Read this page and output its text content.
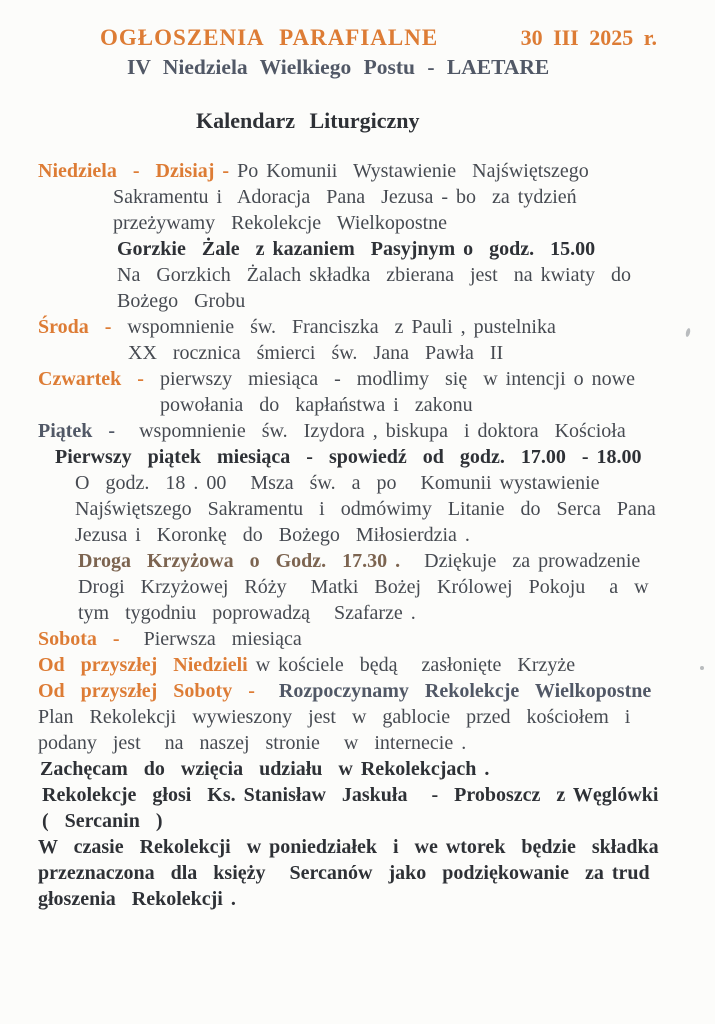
OGŁOSZENIA PARAFIALNE	30 III 2025 r.
IV Niedziela Wielkiego Postu - LAETARE
Kalendarz Liturgiczny
Niedziela  -  Dzisiaj - Po Komunii  Wystawienie  Najświętszego
Sakramentu i  Adoracja  Pana  Jezusa - bo  za tydzień
przeżywamy  Rekolekcje  Wielkopostne
Gorzkie  Żale  z kazaniem  Pasyjnym o  godz.  15.00
Na  Gorzkich  Żalach składka  zbierana  jest  na kwiaty  do
Bożego  Grobu
Środa  -  wspomnienie  św.  Franciszka  z Pauli , pustelnika
XX  rocznica  śmierci  św.  Jana  Pawła  II
Czwartek  -  pierwszy  miesiąca  -  modlimy  się  w intencji o nowe
powołania  do  kapłaństwa i  zakonu
Piątek  -   wspomnienie  św.  Izydora , biskupa  i doktora  Kościoła
Pierwszy  piątek  miesiąca  -  spowiedź  od  godz.  17.00  - 18.00
O  godz.  18 . 00   Msza  św.  a  po   Komunii wystawienie
Najświętszego  Sakramentu  i  odmówimy  Litanie  do  Serca  Pana
Jezusa i  Koronkę  do  Bożego  Miłosierdzia .
Droga  Krzyżowa  o  Godz.  17.30 .   Dziękuje  za prowadzenie
Drogi  Krzyżowej  Róży   Matki  Bożej  Królowej  Pokoju   a  w
tym  tygodniu  poprowadzą   Szafarze .
Sobota  -   Pierwsza  miesiąca
Od  przyszłej  Niedzieli w kościele  będą   zasłonięte  Krzyże
Od  przyszłej  Soboty  -   Rozpoczynamy  Rekolekcje  Wielkopostne
Plan  Rekolekcji  wywieszony  jest  w  gablocie  przed  kościołem  i
podany  jest   na  naszej  stronie   w  internecie .
Zachęcam  do  wzięcia  udziału  w Rekolekcjach .
Rekolekcje  głosi  Ks. Stanisław  Jaskuła   -  Proboszcz  z Węglówki
(  Sercanin  )
W  czasie  Rekolekcji  w poniedziałek  i  we wtorek  będzie  składka
przeznaczona  dla  księży   Sercanów  jako  podziękowanie  za trud
głoszenia  Rekolekcji .
